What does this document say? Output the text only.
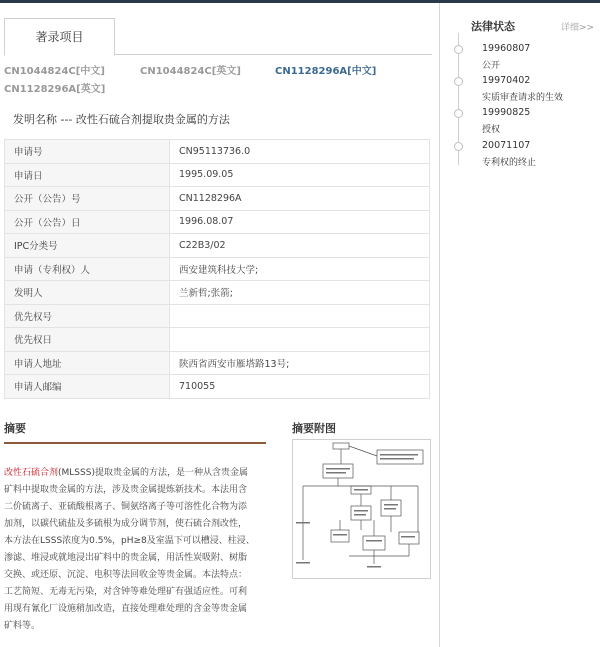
著录项目
CN1044824C[中文]	CN1044824C[英文]	CN1128296A[中文]
CN1128296A[英文]
发明名称 --- 改性石硫合剂提取贵金属的方法
申请号	CN95113736.0
申请日	1995.09.05
公开（公告）号	CN1128296A
公开（公告）日	1996.08.07
IPC分类号	C22B3/02
申请（专利权）人	西安建筑科技大学;
发明人	兰新哲;张箭;
优先权号	
优先权日	
申请人地址	陕西省西安市雁塔路13号;
申请人邮编	710055
摘要
改性石硫合剂(MLSSS)提取贵金属的方法，是一种从含贵金属
矿料中提取贵金属的方法，涉及贵金属提炼新技术。本法用含
二价硫离子、亚硫酸根离子、铜氨络离子等可溶性化合物为添
加剂，以碳代硫盐及多硫根为成分调节剂，使石硫合剂改性，
本方法在LSSS浓度为0.5%，pH≥8及室温下可以槽浸、柱浸、
渗滤、堆浸或就地浸出矿料中的贵金属，用活性炭吸附、树脂
交换、或还原、沉淀、电积等法回收金等贵金属。本法特点：
工艺简短、无毒无污染，对含钟等难处理矿有强适应性。可利
用现有氰化厂设施稍加改造，直接处理难处理的含金等贵金属
矿料等。
摘要附图
法律状态	详细>>
19960807
公开
19970402
实质审查请求的生效
19990825
授权
20071107
专利权的终止
